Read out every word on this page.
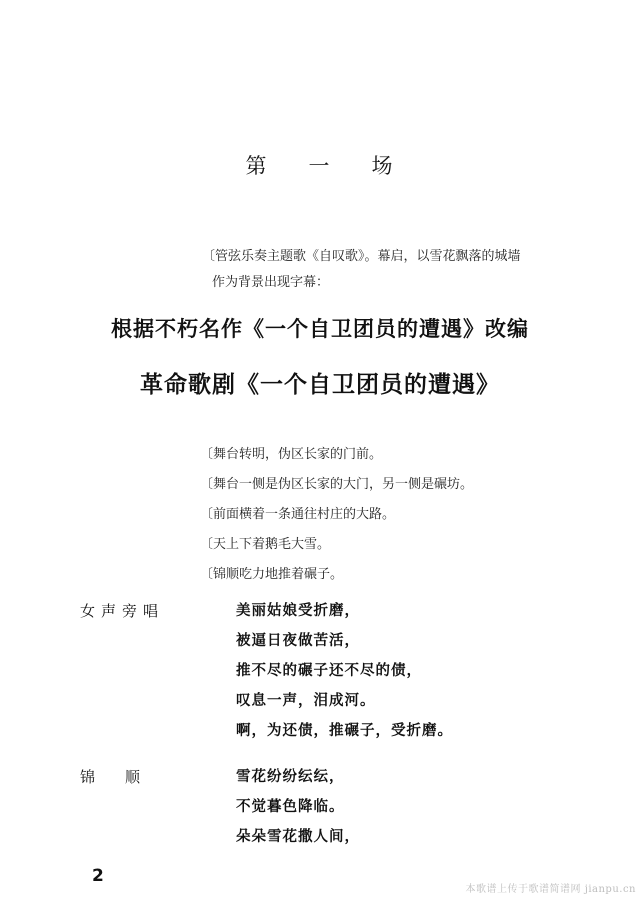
第 一 场
〔管弦乐奏主题歌《自叹歌》。幕启，以雪花飘落的城墙
作为背景出现字幕：
根据不朽名作《一个自卫团员的遭遇》改编
革命歌剧《一个自卫团员的遭遇》
〔舞台转明，伪区长家的门前。
〔舞台一侧是伪区长家的大门，另一侧是碾坊。
〔前面横着一条通往村庄的大路。
〔天上下着鹅毛大雪。
〔锦顺吃力地推着碾子。
女声旁唱	美丽姑娘受折磨，
被逼日夜做苦活，
推不尽的碾子还不尽的债，
叹息一声，泪成河。
啊，为还债，推碾子，受折磨。
锦顺	雪花纷纷纭纭，
不觉暮色降临。
朵朵雪花撒人间，
2
本歌谱上传于歌谱简谱网 jianpu.cn
